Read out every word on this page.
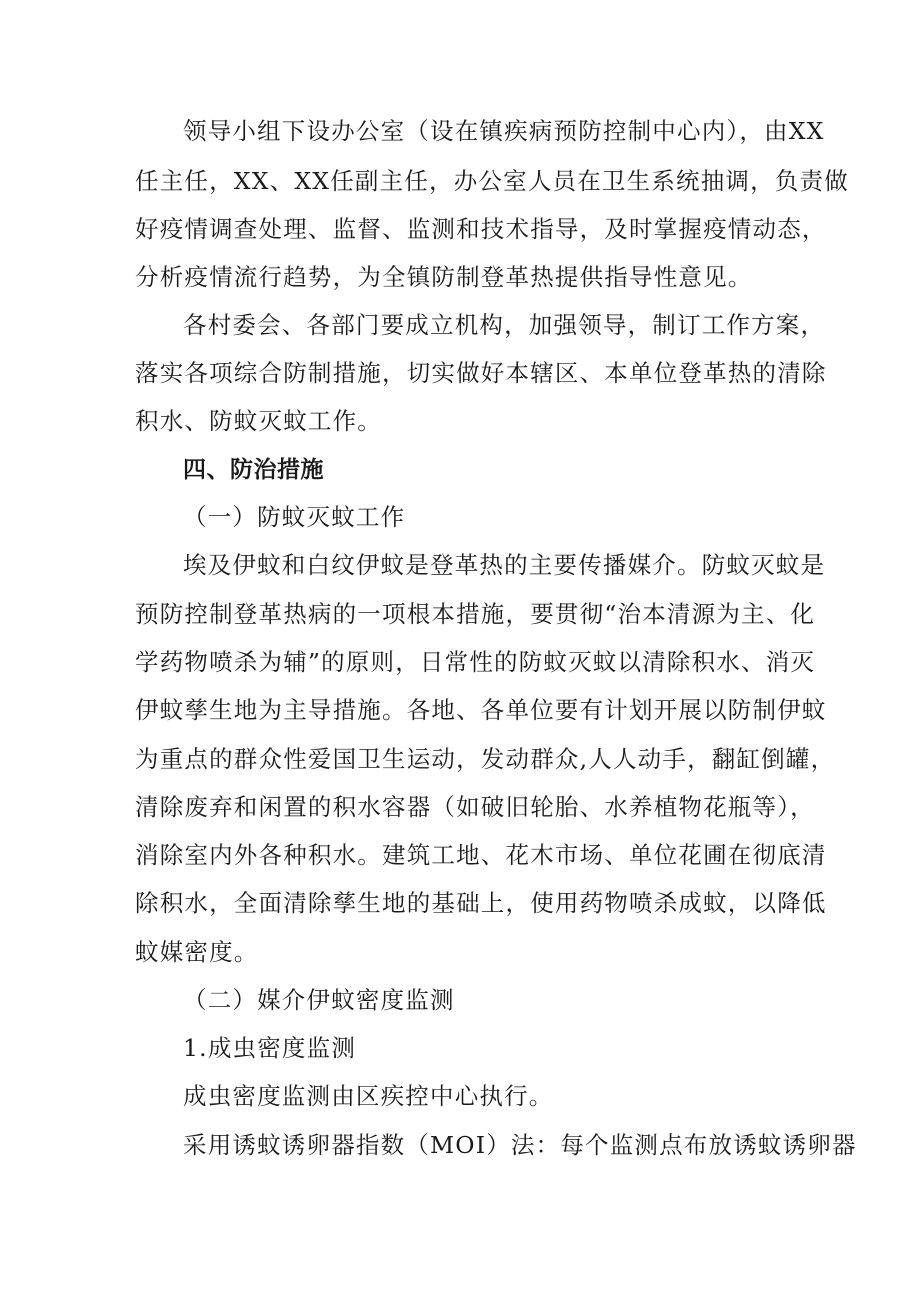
领导小组下设办公室（设在镇疾病预防控制中心内），由XX
任主任，XX、XX任副主任，办公室人员在卫生系统抽调，负责做
好疫情调查处理、监督、监测和技术指导，及时掌握疫情动态，
分析疫情流行趋势，为全镇防制登革热提供指导性意见。
各村委会、各部门要成立机构，加强领导，制订工作方案，
落实各项综合防制措施，切实做好本辖区、本单位登革热的清除
积水、防蚊灭蚊工作。
四、防治措施
（一）防蚊灭蚊工作
埃及伊蚊和白纹伊蚊是登革热的主要传播媒介。防蚊灭蚊是
预防控制登革热病的一项根本措施，要贯彻“治本清源为主、化
学药物喷杀为辅”的原则，日常性的防蚊灭蚊以清除积水、消灭
伊蚊孳生地为主导措施。各地、各单位要有计划开展以防制伊蚊
为重点的群众性爱国卫生运动，发动群众,人人动手，翻缸倒罐，
清除废弃和闲置的积水容器（如破旧轮胎、水养植物花瓶等），
消除室内外各种积水。建筑工地、花木市场、单位花圃在彻底清
除积水，全面清除孳生地的基础上，使用药物喷杀成蚊，以降低
蚊媒密度。
（二）媒介伊蚊密度监测
1.成虫密度监测
成虫密度监测由区疾控中心执行。
采用诱蚊诱卵器指数（MOI）法：每个监测点布放诱蚊诱卵器
